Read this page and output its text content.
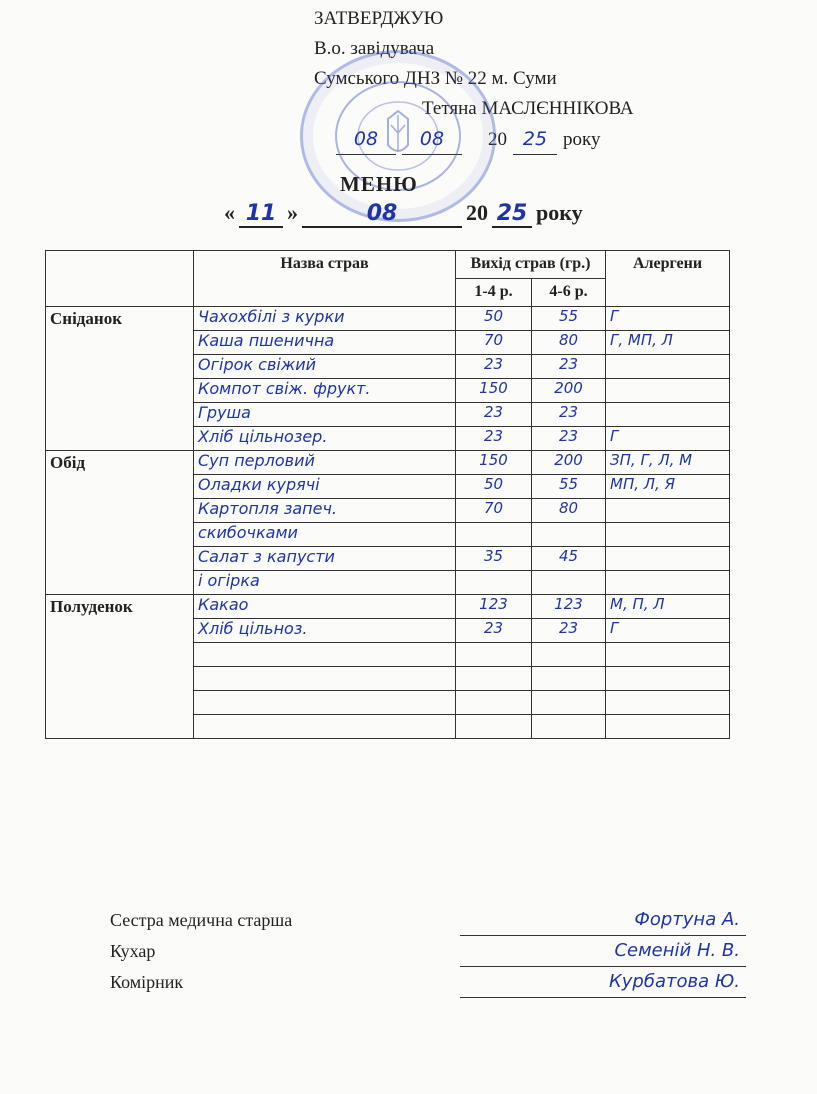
ЗАТВЕРДЖУЮ
В.о. завідувача
Сумського ДНЗ № 22 м. Суми
Тетяна МАСЛЄННІКОВА
08	08	20 25 року
МЕНЮ
« 11 »	08	20 25 року
	Назва страв	Вихід страв (гр.)		Алергени
		1-4 р.	4-6 р.	
Сніданок	Чахохбілі з курки	50	55	Г
	Каша пшенична	70	80	Г, МП, Л
	Огірок свіжий	23	23	
	Компот свіж. фрукт.	150	200	
	Груша	23	23	
	Хліб цільнозер.	23	23	Г
Обід	Суп перловий	150	200	ЗП, Г, Л, М
	Оладки курячі	50	55	МП, Л, Я
	Картопля запеч.	70	80	
	скибочками			
	Салат з капусти	35	45	
	і огірка			
Полуденок	Какао	123	123	М, П, Л
	Хліб цільноз.	23	23	Г

Сестра медична старша	Фортуна А.
Кухар	Семеній Н. В.
Комірник	Курбатова Ю.
